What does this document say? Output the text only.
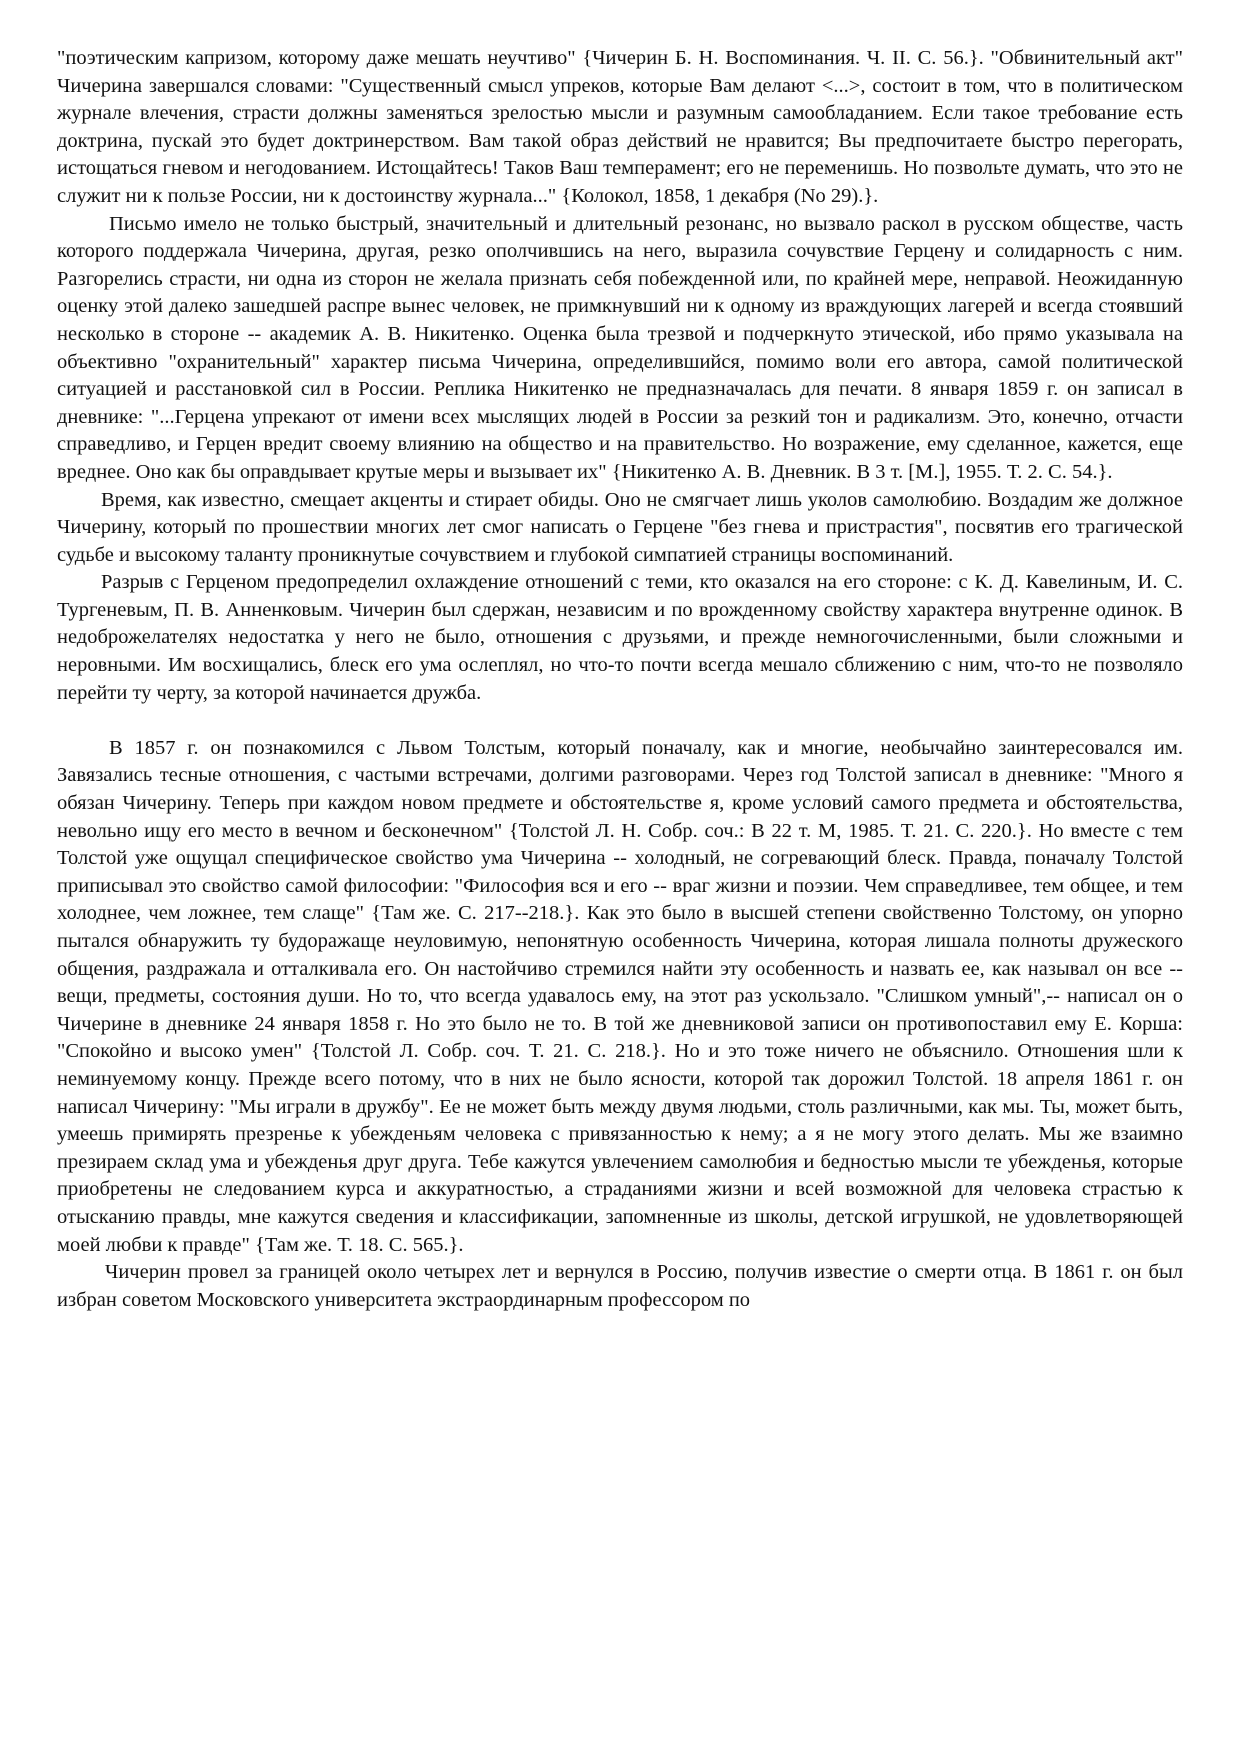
"поэтическим капризом, которому даже мешать неучтиво" {Чичерин Б. Н. Воспоминания. Ч. II. С. 56.}. "Обвинительный акт" Чичерина завершался словами: "Существенный смысл упреков, которые Вам делают <...>, состоит в том, что в политическом журнале влечения, страсти должны заменяться зрелостью мысли и разумным самообладанием. Если такое требование есть доктрина, пускай это будет доктринерством. Вам такой образ действий не нравится; Вы предпочитаете быстро перегорать, истощаться гневом и негодованием. Истощайтесь! Таков Ваш темперамент; его не переменишь. Но позвольте думать, что это не служит ни к пользе России, ни к достоинству журнала..." {Колокол, 1858, 1 декабря (No 29).}.

Письмо имело не только быстрый, значительный и длительный резонанс, но вызвало раскол в русском обществе, часть которого поддержала Чичерина, другая, резко ополчившись на него, выразила сочувствие Герцену и солидарность с ним. Разгорелись страсти, ни одна из сторон не желала признать себя побежденной или, по крайней мере, неправой. Неожиданную оценку этой далеко зашедшей распре вынес человек, не примкнувший ни к одному из враждующих лагерей и всегда стоявший несколько в стороне -- академик А. В. Никитенко. Оценка была трезвой и подчеркнуто этической, ибо прямо указывала на объективно "охранительный" характер письма Чичерина, определившийся, помимо воли его автора, самой политической ситуацией и расстановкой сил в России. Реплика Никитенко не предназначалась для печати. 8 января 1859 г. он записал в дневнике: "...Герцена упрекают от имени всех мыслящих людей в России за резкий тон и радикализм. Это, конечно, отчасти справедливо, и Герцен вредит своему влиянию на общество и на правительство. Но возражение, ему сделанное, кажется, еще вреднее. Оно как бы оправдывает крутые меры и вызывает их" {Никитенко А. В. Дневник. В 3 т. [М.], 1955. Т. 2. С. 54.}.

Время, как известно, смещает акценты и стирает обиды. Оно не смягчает лишь уколов самолюбию. Воздадим же должное Чичерину, который по прошествии многих лет смог написать о Герцене "без гнева и пристрастия", посвятив его трагической судьбе и высокому таланту проникнутые сочувствием и глубокой симпатией страницы воспоминаний.

Разрыв с Герценом предопределил охлаждение отношений с теми, кто оказался на его стороне: с К. Д. Кавелиным, И. С. Тургеневым, П. В. Анненковым. Чичерин был сдержан, независим и по врожденному свойству характера внутренне одинок. В недоброжелателях недостатка у него не было, отношения с друзьями, и прежде немногочисленными, были сложными и неровными. Им восхищались, блеск его ума ослеплял, но что-то почти всегда мешало сближению с ним, что-то не позволяло перейти ту черту, за которой начинается дружба.

В 1857 г. он познакомился с Львом Толстым, который поначалу, как и многие, необычайно заинтересовался им. Завязались тесные отношения, с частыми встречами, долгими разговорами. Через год Толстой записал в дневнике: "Много я обязан Чичерину. Теперь при каждом новом предмете и обстоятельстве я, кроме условий самого предмета и обстоятельства, невольно ищу его место в вечном и бесконечном" {Толстой Л. Н. Собр. соч.: В 22 т. М, 1985. Т. 21. С. 220.}. Но вместе с тем Толстой уже ощущал специфическое свойство ума Чичерина -- холодный, не согревающий блеск. Правда, поначалу Толстой приписывал это свойство самой философии: "Философия вся и его -- враг жизни и поэзии. Чем справедливее, тем общее, и тем холоднее, чем ложнее, тем слаще" {Там же. С. 217--218.}. Как это было в высшей степени свойственно Толстому, он упорно пытался обнаружить ту будоражаще неуловимую, непонятную особенность Чичерина, которая лишала полноты дружеского общения, раздражала и отталкивала его. Он настойчиво стремился найти эту особенность и назвать ее, как называл он все -- вещи, предметы, состояния души. Но то, что всегда удавалось ему, на этот раз ускользало. "Слишком умный",-- написал он о Чичерине в дневнике 24 января 1858 г. Но это было не то. В той же дневниковой записи он противопоставил ему Е. Корша: "Спокойно и высоко умен" {Толстой Л. Собр. соч. Т. 21. С. 218.}. Но и это тоже ничего не объяснило. Отношения шли к неминуемому концу. Прежде всего потому, что в них не было ясности, которой так дорожил Толстой. 18 апреля 1861 г. он написал Чичерину: "Мы играли в дружбу". Ее не может быть между двумя людьми, столь различными, как мы. Ты, может быть, умеешь примирять презренье к убежденьям человека с привязанностью к нему; а я не могу этого делать. Мы же взаимно презираем склад ума и убежденья друг друга. Тебе кажутся увлечением самолюбия и бедностью мысли те убежденья, которые приобретены не следованием курса и аккуратностью, а страданиями жизни и всей возможной для человека страстью к отысканию правды, мне кажутся сведения и классификации, запомненные из школы, детской игрушкой, не удовлетворяющей моей любви к правде" {Там же. Т. 18. С. 565.}.

Чичерин провел за границей около четырех лет и вернулся в Россию, получив известие о смерти отца. В 1861 г. он был избран советом Московского университета экстраординарным профессором по
